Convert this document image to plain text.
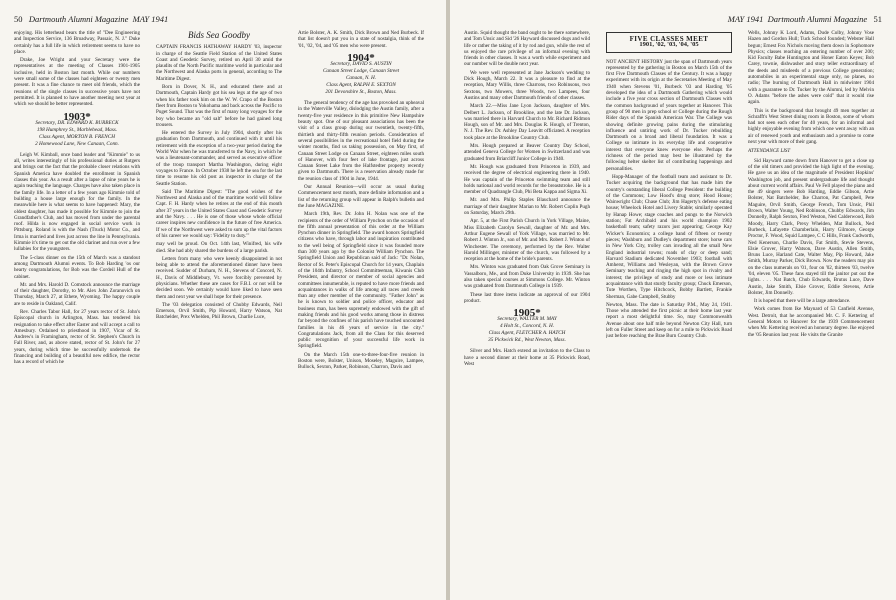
50 Dartmouth Alumni Magazine MAY 1941

enjoying. His letterhead bears the title of "Dee Engineering and Inspection Service, 136 Broadway, Passaic, N. J." Duke certainly has a full life in which retirement seems to have no place.

Drake, Joe Wright and your Secretary were the representatives at the meeting of Classes 1901-1905 inclusive, held in Boston last month. While our numbers were small some of the classes had eighteen or twenty men present. It was a fine chance to meet old friends, which the reunions of the single classes in successive years have not permitted. It is planned to have another meeting next year at which we should be better represented.

1903*
Secretary, DR. EDWARD K. BURBECK
198 Humphrey St., Marblehead, Mass.
Class Agent, MORTON B. FRENCH
2 Homewood Lane, New Canaan, Conn.

Leigh W. Kimball, once band leader and "Kimmie" to us all, writes interestingly of his professional duties at Rutgers and brings out the fact that the probable closer relations with Spanish America have doubled the enrollment in Spanish classes this year. As a result after a lapse of nine years he is again teaching the language. Charges have also taken place in the family life. In a letter of a few years ago Kimmie told of building a house large enough for the family. In the meanwhile here is what seems to have happened: Mary, the oldest daughter, has made it possible for Kimmie to join the Grandfather's Club, and has moved from under the parental roof. Hilda is now engaged in social service work in Pittsburg. Roland is with the Nash (Truck) Motor Co., and Irma is married and lives just across the line in Pennsylvania. Kimmie it's time to get out the old clarinet and run over a few lullabies for the youngsters.

The 5-class dinner on the 15th of March was a standout among Dartmouth Alumni events. To Bob Harding 'os our hearty congratulations, for Bob was the Cordeil Hull of the cabinet.

Mr. and Mrs. Harold D. Comstock announce the marriage of their daughter, Dorothy, to Mr. Alex John Zoranovich on Thursday, March 27, at Ethete, Wyoming. The happy couple are to reside in Oakland, Calif.

Rev. Charles Tabor Hall, for 27 years rector of St. John's Episcopal church in Arlington, Mass. has tendered his resignation to take effect after Easter and will accept a call to Amesbury. Ordained to priesthood in 1907, Vicar of St. Andrew's in Framingham, rector of St. Stephen's Church in Fall River, and, as above stated, rector of St. John's for 27 years, during which time he successfully undertook the financing and building of a beautiful new edifice, the rector has a record of which he

Bids Sea Goodby

CAPTAIN FRANCIS HATHAWAY HARDY '03, inspector in charge of the Seattle Field Station of the United States Coast and Geodetic Survey, retired on April 30 amid the plaudits of the North Pacific maritime world in particular and the Northwest and Alaska ports in general, according to The Maritime Digest.

Born in Dover, N. H., and educated there and at Dartmouth, Captain Hardy got his sea legs at the age of two when his father took him on the W. W. Crapo of the Boston fleet from Boston to Yokohama and back across the Pacific to Puget Sound. That was the first of many long voyages for the boy who became an "old salt" before he had gained long trousers.

He entered the Survey in July 1904, shortly after his graduation from Dartmouth, and continued with it until his retirement with the exception of a two-year period during the World War when he was transferred to the Navy, in which he was a lieutenant-commander, and served as executive officer of the troop transport Martha Washington, during eight voyages to France. In October 1938 he left the sea for the last time to resume his old post as inspector in charge of the Seattle Station.

Said The Maritime Digest: "The good wishes of the Northwest and Alaska and of the maritime world will follow Capt. F. H. Hardy when he retires at the end of this month after 37 years in the United States Coast and Geodetic Survey and the Navy. . . . He is one of those whose whole official career inspires new confidence in the future of free America. If we of the Northwest were asked to sum up the vital factors of his career we would say: 'Fidelity to duty.'"

may well be proud. On Oct. 14th last, Winifred, his wife died. She had ably shared the burdens of a large parish.

Letters from many who were keenly disappointed in not being able to attend the aforementioned dinner have been received. Sudder of Durham, N. H., Stevens of Concord, N. H., Davis of Middlebury, Vt. were forcibly prevented by physicians. Whether these are cases for F.B.I. or not will be decided soon. We certainly would have liked to have seen them and next year we shall hope for their presence.

The '03 delegation consisted of Chubby Edwards, Neil Emerson, Orvil Smith, Pip Howard, Harry Watson, Nat Batchelder, Prex Whelden, Phil Brown, Charlie Luce,

Artie Bolster, A. K. Smith, Dick Brown and Ned Burbeck. If that list doesn't put you in a state of nostalgia, think of the '01, '02, '04, and '05 men who were present.

1904*
Secretary, DAVID S. AUSTIN
Canaan Street Lodge, Canaan Street
Canaan, N. H.
Class Agent, RALPH E. SEXTON
201 Devonshire St., Boston, Mass.

The general tendency of the age has provoked an upheaval in the Waterville Valley, dislodging the Austin family, after a twenty-five year residence in this primitive New Hampshire beauty spot. One of our pleasant associations has been the visit of a class group during our twentieth, twenty-fifth, thirtieth and thirty-fifth reunion periods. Consideration of several possibilities in the recreational hotel field during the winter months, find us taking possession, on May first, of Canaan Street Lodge on Canaan Street, eighteen miles south of Hanover, with four feet of lake frontage, just across Canaan Street Lake from the Halfstedter property recently given to Dartmouth. There is a reservation already made for the reunion class of 1904 in June, 1944.

Our Annual Reunion—will occur as usual during Commencement next month, more definite information and a list of the returning group will appear in Ralph's bulletin and the June MAGAZINE.

March 19th, Rev. Dr. John H. Nolan was one of the recipients of the order of William Pynchon on the occasion of the fifth annual presentation of this order at the William Pynchon dinner in Springfield. The award honors Springfield citizens who have, through labor and inspiration contributed to the well being of Springfield since it was founded more than 300 years ago by the Colonist William Pynchon. The Springfield Union and Republican said of Jack: "Dr. Nolan, Rector of St. Peter's Episcopal Church for 14 years, Chaplain of the 104th Infantry, School Committeeman, Kiwanis Club President, and director or member of social agencies and committees innumerable, is reputed to have more friends and acquaintances in walks of life among all races and creeds than any other member of the community. "Father John" as he is known to soldier and police officer, educator and business man, has been supremely endowed with the gift of making friends and his good works among those in distress far beyond the confines of his parish have touched uncounted families in his 46 years of service in the city." Congratulations Jack, from all the Class for this deserved public recognition of your successful life work in Springfield.

On the March 15th one-to-three-four-five reunion in Boston were, Bolster, Unison, Moseley, Maguire, Lampee, Bullock, Sexton, Parker, Robinson, Charron, Davis and

MAY 1941 Dartmouth Alumni Magazine 51

Austin. Squid thought the band ought to be there somewhere, and Tom Unsic and Sid '26 Hayward discussed dogs and wild life or rather the taking of it by rod and gun, while the rest of us enjoyed the rare privilege of an informal evening with friends in other classes. It was a worth while experiment and our number will be double next year.

We were well represented at Jane Jackson's wedding to Dick Hough, March 22. It was a pleasure to find at the reception, Mary Willis, three Charrons, two Robinsons, two Sextons, two Mowers, three Woods, two Lampees, four Austins and many other Dartmouth friends of other classes.

March 22.—Miss Jane Lyon Jackson, daughter of Mrs. Delbert L. Jackson, of Brookline, and the late Dr. Jackson, was married there in Harvard Church to Mr. Richard Ridmon Hough, son of Mr. and Mrs. Douglas R. Hough, of Trenton, N. J. The Rev. Dr. Ashley Day Leavitt officiated. A reception took place at the Brookline Country Club.

Mrs. Hough prepared at Beaver Country Day School, attended Geneva College for Women in Switzerland and was graduated from Briarcliff Junior College in 1940.

Mr. Hough was graduated from Princeton in 1939, and received the degree of electrical engineering there in 1940. He was captain of the Princeton swimming team and still holds national and world records for the breaststroke. He is a member of Quadrangle Club, Phi Beta Kappa and Sigma Xi.

Mr. and Mrs. Philip Staples Blauchard announce the marriage of their daughter Marian to Mr. Robert Coplin Pugh on Saturday, March 29th.

Apr. 5, at the First Parish Church in York Village, Maine, Miss Elizabeth Carolyn Sewall, daughter of Mr. and Mrs. Arthur Eugene Sewall of York Village, was married to Mr. Robert J. Winton Jr., son of Mr. and Mrs. Robert J. Winton of Winchester. The ceremony, performed by the Rev. Walter Harold Millinger, minister of the church, was followed by a reception at the home of the bride's parents.

Mrs. Winton was graduated from Oak Grove Seminary in Vassalboro, Me., and from Duke University in 1939. She has also taken special courses at Simmons College. Mr. Winton was graduated from Dartmouth College in 1939.

These last three items indicate an approval of our 1904 product.

1905*
Secretary, WALTER M. MAY
4 Holt St., Concord, N. H.
Class Agent, FLETCHER A. HATCH
35 Pickwick Rd., West Newton, Mass.

Silver and Mrs. Hatch extend an invitation to the Class to have a second dinner at their home at 35 Pickwick Road, West

FIVE CLASSES MEET
1901, '02, '03, '04, '05

NOT ANCIENT HISTORY just the span of Dartmouth years represented by the gathering in Boston on March 15th of the first Five Dartmouth Classes of the Century. It was a happy experiment with its origin at the Secretaries Meeting of May 1940 when Stevens '01, Burbeck '03 and Harding '05 developed the idea of a Dartmouth Gathering which would include a five year cross section of Dartmouth Classes with the common background of years together at Hanover. This group of 90 men in prep school or College during the Rough Rider days of the Spanish American War. The College was showing definite growing pains during the stimulating influence and untiring work of Dr. Tucker rebuilding Dartmouth on a broad and liberal foundation. It was a College so intimate in its everyday life and cooperative interest that everyone knew everyone else. Perhaps the richness of the period may best be illustrated by the following helter skelter list of contributing happenings and personalities.

Hopp-Manager of the football team and assistant to Dr. Tucker acquiring the background that has made him the country's outstanding liberal College President: the building of the Commons; Low Hood's drug store; Hood House; Wainwright Club; Chase Club; Jim Hagerty's defense eating house; Wheelock Hotel and Livery Stable; similarly operated by Hanap Howe; stage coaches and pungs to the Norwich station; Fat Archibald and his world champion 1902 basketball team; safety razors just appearing; George Kay Wicker's Economics; a college band of fifteen or twenty pieces; Washburn and Dudley's department store; horse cars in New York City, trolley cars invading all the small New England industrial towns; roads of clay or deep sand; Harvard Stadium dedicated November 1903; football with Amherst, Williams and Wesleyan, with the Brown Grove Seminary teaching and ringing the high spot in rivalry and interest; the privilege of study and more or less intimate acquaintance with that sturdy faculty group; Chuck Emerson, Tute Worthen, Type Hitchcock, Bobby Bartlett, Frankie Sherman, Gabe Campbell, Stubby

Newton, Mass. The date is Saturday P.M., May 24, 1941. Those who attended the first picnic at their home last year report a most delightful time. So, may Commonwealth Avenue about one half mile beyond Newton City Hall, turn left on Fuller Street and keep on for a mile to Pickwick Road just before reaching the Brae Burn Country Club.

Wells, Johnny K Lord, Adams, Dude Colby, Johnny Vose Hazen and Gordon Hull; Tuck School founded; Webster Hall begun; Ernest Fox Nichols moving them down in Sophomore Physics; classes reaching an entering number of over 200; Kid Faculty Babe Huntington and Honer Eaton Keyes; Bob Carey, townie, dishwasher and story teller extraordinary of the deeds and misdeeds of a previous College generation; automobiles in an experimental stage only, no planes, no radio; The burning of Dartmouth Hall in midwinter 1904 with a guarantee to Dr. Tucker by the Alumni, led by Melvin O. Adams "before the ashes were cold" that it would rise again.

This is the background that brought 49 men together at Schrafft's West Street dining room in Boston, some of whom had not seen each other for 40 years, for an informal and highly enjoyable evening from which one went away with an air of renewed youth and enthusiasm and a promise to come next year with more of their gang.

ATTENDANCE LIST

Sid Hayward came down from Hanover to get a close up of the old timers and provided the high light of the evening. He gave us an idea of the magnitude of President Hopkins' Washington job, and present undergraduate life and thought about current world affairs. Paul Ve Fell played the piano and the 49 singers were Bob Harding, Eddie Gibson, Artie Bolster, Nat Batchelder, Ike Charron, Pat Campbell, Pete Maguire, Orvil Smith, George French, Tom Unsic, Phil Brown, Walter Young, Ned Robinson, Chubby Edwards, Jim Donnelly, Ralph Sexton, Fred Weston, Ned Calderwood, Bob Moody, Harry Clark, Prexy Whelden, Mat Bullock, Ned Burbeck, Lafayette Chamberlain, Harry Gilmore, George Proctor, F. Wood, Squid Lampee, C C Hills, Frank Cudworth, Ned Kenerson, Charlie Davis, Fat Smith, Stevie Stevens, Elsie Grover, Harry Watson, Dave Austin, Allen Smith, Bruns Luce, Harland Cate, Walter May, Pip Howard, Jake Smith, Murray Parker, Dick Brown. Now the readers may pin on the class numerals on '01, four on '02, thirteen '03, twelve '04, eleven '05. These fans stayed till the janitor put out the lights. . . . Nat Batch, Chub Edwards, Brutus Luce, Dave Austin, Jake Smith, Elsie Grover, Eddie Stevens, Artie Bolster, Jim Donnelly.

It is hoped that there will be a large attendance.

Work comes from Ike Maynard of 53 Canfield Avenue, West. Detroit, that he accompanied Mr. C. F. Kettering of General Motors to Hanover for the 1939 Commencement when Mr. Kettering received an honorary degree. Ike enjoyed the '05 Reunion last year. He visits the Granite
